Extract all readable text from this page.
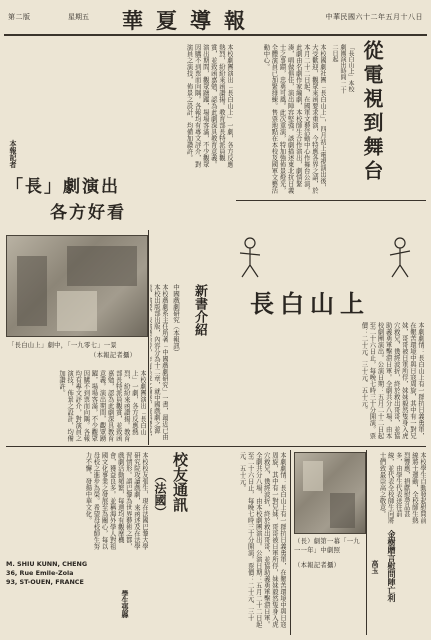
第二版	星期五 華夏導報	中華民國六十二年五月十八日
從電視到舞台
「長白山上」本校劇團演出時間 二十二日起
本校國劇社團「長白山上」，四月初上電視演出後，大受歡迎，觀眾來函要求重演，今特應各界之請，於本月二十二日起，在國軍文藝活動中心作舞台公演。此劇由名劇作家編劇，本校師生合作演出，劇情緊湊，唱做俱佳，演出陣容堅強。該劇描述東北抗日義士之事蹟，忠勇可風。此次重演，特加強佈景燈光，全體演員已加緊排練。售票地點在本校及國軍文藝活動中心。
本校劇團演出「長白山上」一劇，各方反應熱烈，紛紛來函讚揚。教育部長特派員觀賞，並致函嘉勉，認為此劇深具教育意義。演出期間，觀眾踴躍，場場客滿，不少觀眾因購不到票而向隅。各報均有專文評介，對演員之演技，佈景之設計，均備加讚許。
本報記者
「長」劇演出
各方好看
「長白山上」劇中，「一九零七」一景
（本報記者攝）
長白山上
本劇劇情：長白山上有一群抗日義勇軍，在艱苦環境中與日寇周旋，其中有一對兄妹，哥哥被日軍所俘，妹妹毅然隻身入虎穴救兄，幾經波折，終於救出哥哥，並協助義勇軍擊潰日軍。全劇共分八場，由本校劇團演出。公演日期：五月二十二日起至二十六日止，每晚七時三十分開演。票價：二十元、三十元、五十元。
新書介紹
中國戲劇研究（本報訊）
本校戲劇系主任所著「中國戲劇研究」一書，最近已由本校出版部出版，內容分為十二章，就中國戲劇之源
本校劇團演出「長白山上」一劇，各方反應熱烈，紛紛來函讚揚。教育部長特派員觀賞，並致函嘉勉，認為此劇深具教育意義。演出期間，觀眾踴躍，場場客滿，不少觀眾因購不到票而向隅。各報均有專文評介，對演員之演技，佈景之設計，均備加讚許。
校友通訊
（法國）
本校校友張生，現在法國巴黎大學研究院攻讀戲劇，來函述及在法學習情形。謂巴黎為世界藝術之都，戲劇活動頻繁，每週均有觀摩機會，獲益良多。並稱海外學人對祖國文化事業之發展至為關心，每以母校之進步為榮。希望母校師生努力不懈，發揚中華文化。
學生張縣
M. SHIU KUNN, CHENG
36, Rue Emile-Zola
93, ST-OUEN, FRANCE	本劇劇情：長白山上有一群抗日義勇軍，在艱苦環境中與日寇周旋，其中有一對兄妹，哥哥被日軍所俘，妹妹毅然隻身入虎穴救兄，幾經波折，終於救出哥哥，並協助義勇軍擊潰日軍。全劇共分八場，由本校劇團演出。公演日期：五月二十二日起至二十六日止，每晚七時三十分開演。票價：二十元、三十元、五十元。
（長）劇第一幕「一九一一年」中劇照
（本報記者攝）
本校學生自動發起慰問前線將士運動，全校師生熱烈響應，捐獻慰勞品甚多，由學生代表送往前線，並代表全校師生向將士們致最崇高之敬意。
金樹贈言慰問陣亡利
高玉
